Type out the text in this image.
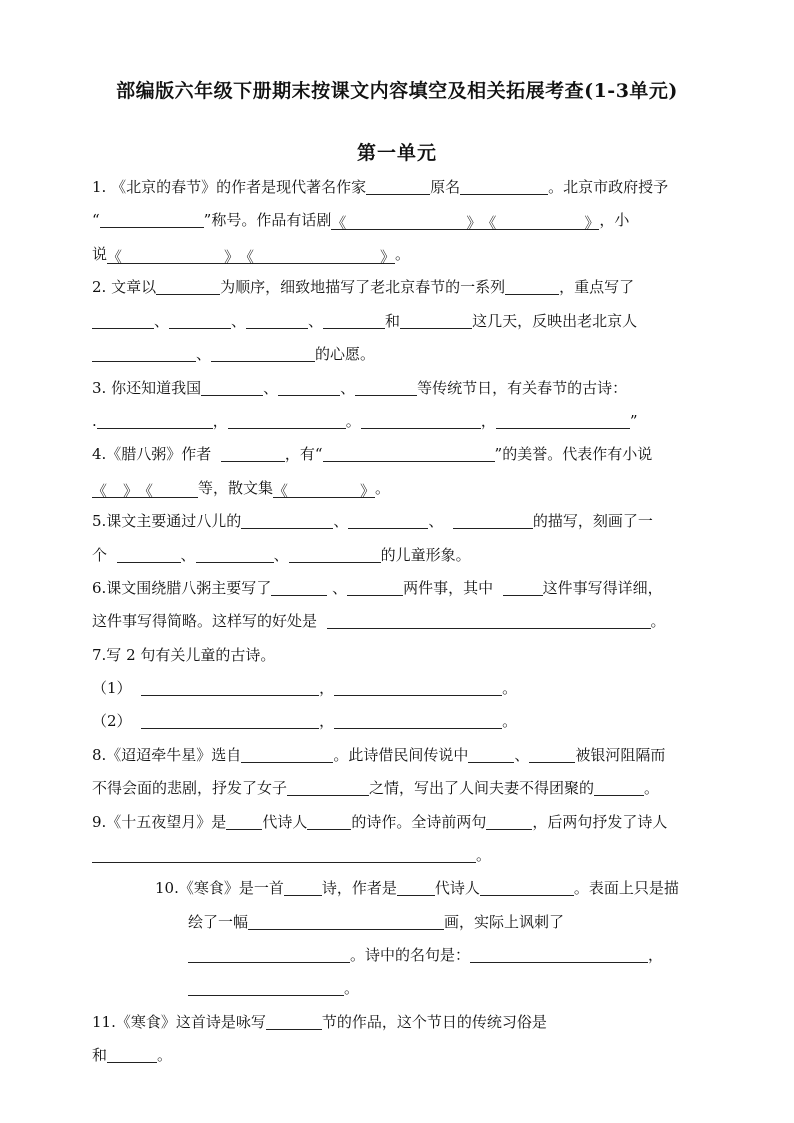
部编版六年级下册期末按课文内容填空及相关拓展考查(1-3单元)
第一单元
1. 《北京的春节》的作者是现代著名作家	原名	。北京市政府授予
“	”称号。作品有话剧 《	》 《	》 ，小
说 《	》 《	》 。
2. 文章以	为顺序，细致地描写了老北京春节的一系列	，重点写了
、	、	、	和	这几天，反映出老北京人
、	的心愿。
3. 你还知道我国	、	、	等传统节日，有关春节的古诗：
.	，	。	，	”
4.《腊八粥》作者	，有“	”的美誉。代表作有小说
《 》 《	等，散文集 《	》 。
5.课文主要通过八儿的	、	、	的描写，刻画了一
个	、	、	的儿童形象。
6.课文围绕腊八粥主要写了	、	两件事，其中	这件事写得详细，
这件事写得简略。这样写的好处是	。
7.写 2 句有关儿童的古诗。
（1）	，	。
（2）	，	。
8.《迢迢牵牛星》选自	。此诗借民间传说中	、	被银河阻隔而
不得会面的悲剧，抒发了女子	之情，写出了人间夫妻不得团聚的	。
9.《十五夜望月》是 代诗人	的诗作。全诗前两句	，后两句抒发了诗人
。
10.《寒食》是一首	诗，作者是	代诗人	。表面上只是描
绘了一幅	画，实际上讽刺了
。诗中的名句是：	，
。
11.《寒食》这首诗是咏写	节的作品，这个节日的传统习俗是
和	。
